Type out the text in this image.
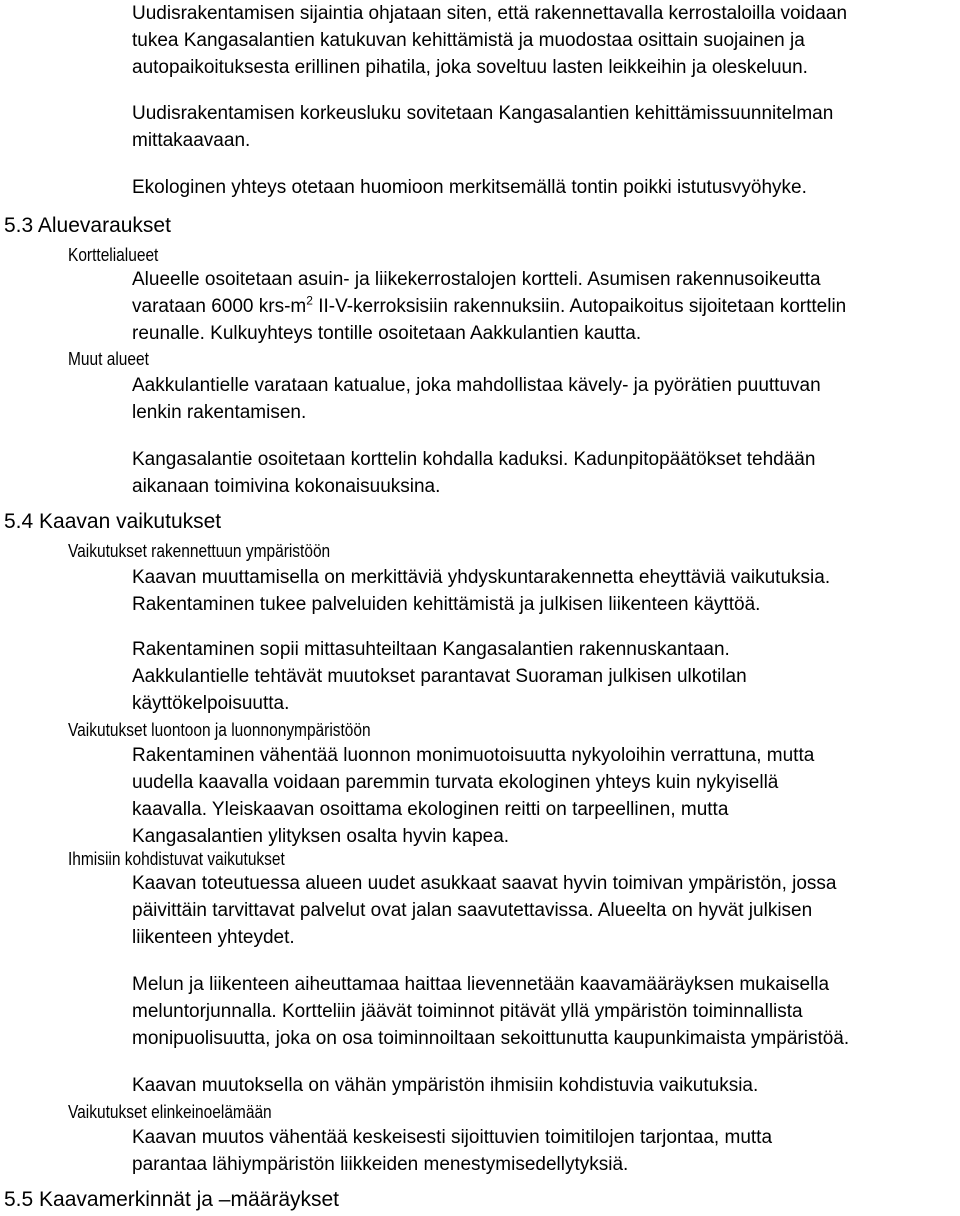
Uudisrakentamisen sijaintia ohjataan siten, että rakennettavalla kerrostaloilla voidaan
tukea Kangasalantien katukuvan kehittämistä ja muodostaa osittain suojainen ja
autopaikoituksesta erillinen pihatila, joka soveltuu lasten leikkeihin ja oleskeluun.

Uudisrakentamisen korkeusluku sovitetaan Kangasalantien kehittämissuunnitelman
mittakaavaan.

Ekologinen yhteys otetaan huomioon merkitsemällä tontin poikki istutusvyöhyke.

5.3 Aluevaraukset
Korttelialueet

Alueelle osoitetaan asuin- ja liikekerrostalojen kortteli. Asumisen rakennusoikeutta
varataan 6000 krs-$m^2$ II-V-kerroksisiin rakennuksiin. Autopaikoitus sijoitetaan korttelin
reunalle. Kulkuyhteys tontille osoitetaan Aakkulantien kautta.

Muut alueet

Aakkulantielle varataan katualue, joka mahdollistaa kävely- ja pyörätien puuttuvan
lenkin rakentamisen.

Kangasalantie osoitetaan korttelin kohdalla kaduksi. Kadunpitopäätökset tehdään
aikanaan toimivina kokonaisuuksina.

5.4 Kaavan vaikutukset
Vaikutukset rakennettuun ympäristöön

Kaavan muuttamisella on merkittäviä yhdyskuntarakennetta eheyttäviä vaikutuksia.
Rakentaminen tukee palveluiden kehittämistä ja julkisen liikenteen käyttöä.

Rakentaminen sopii mittasuhteiltaan Kangasalantien rakennuskantaan.
Aakkulantielle tehtävät muutokset parantavat Suoraman julkisen ulkotilan
käyttökelpoisuutta.

Vaikutukset luontoon ja luonnonympäristöön

Rakentaminen vähentää luonnon monimuotoisuutta nykyoloihin verrattuna, mutta
uudella kaavalla voidaan paremmin turvata ekologinen yhteys kuin nykyisellä
kaavalla. Yleiskaavan osoittama ekologinen reitti on tarpeellinen, mutta
Kangasalantien ylityksen osalta hyvin kapea.

Ihmisiin kohdistuvat vaikutukset

Kaavan toteutuessa alueen uudet asukkaat saavat hyvin toimivan ympäristön, jossa
päivittäin tarvittavat palvelut ovat jalan saavutettavissa. Alueelta on hyvät julkisen
liikenteen yhteydet.

Melun ja liikenteen aiheuttamaa haittaa lievennetään kaavamääräyksen mukaisella
meluntorjunnalla. Kortteliin jäävät toiminnot pitävät yllä ympäristön toiminnallista
monipuolisuutta, joka on osa toiminnoiltaan sekoittunutta kaupunkimaista ympäristöä.

Kaavan muutoksella on vähän ympäristön ihmisiin kohdistuvia vaikutuksia.

Vaikutukset elinkeinoelämään

Kaavan muutos vähentää keskeisesti sijoittuvien toimitilojen tarjontaa, mutta
parantaa lähiympäristön liikkeiden menestymisedellytyksiä.

5.5 Kaavamerkinnät ja –määräykset
